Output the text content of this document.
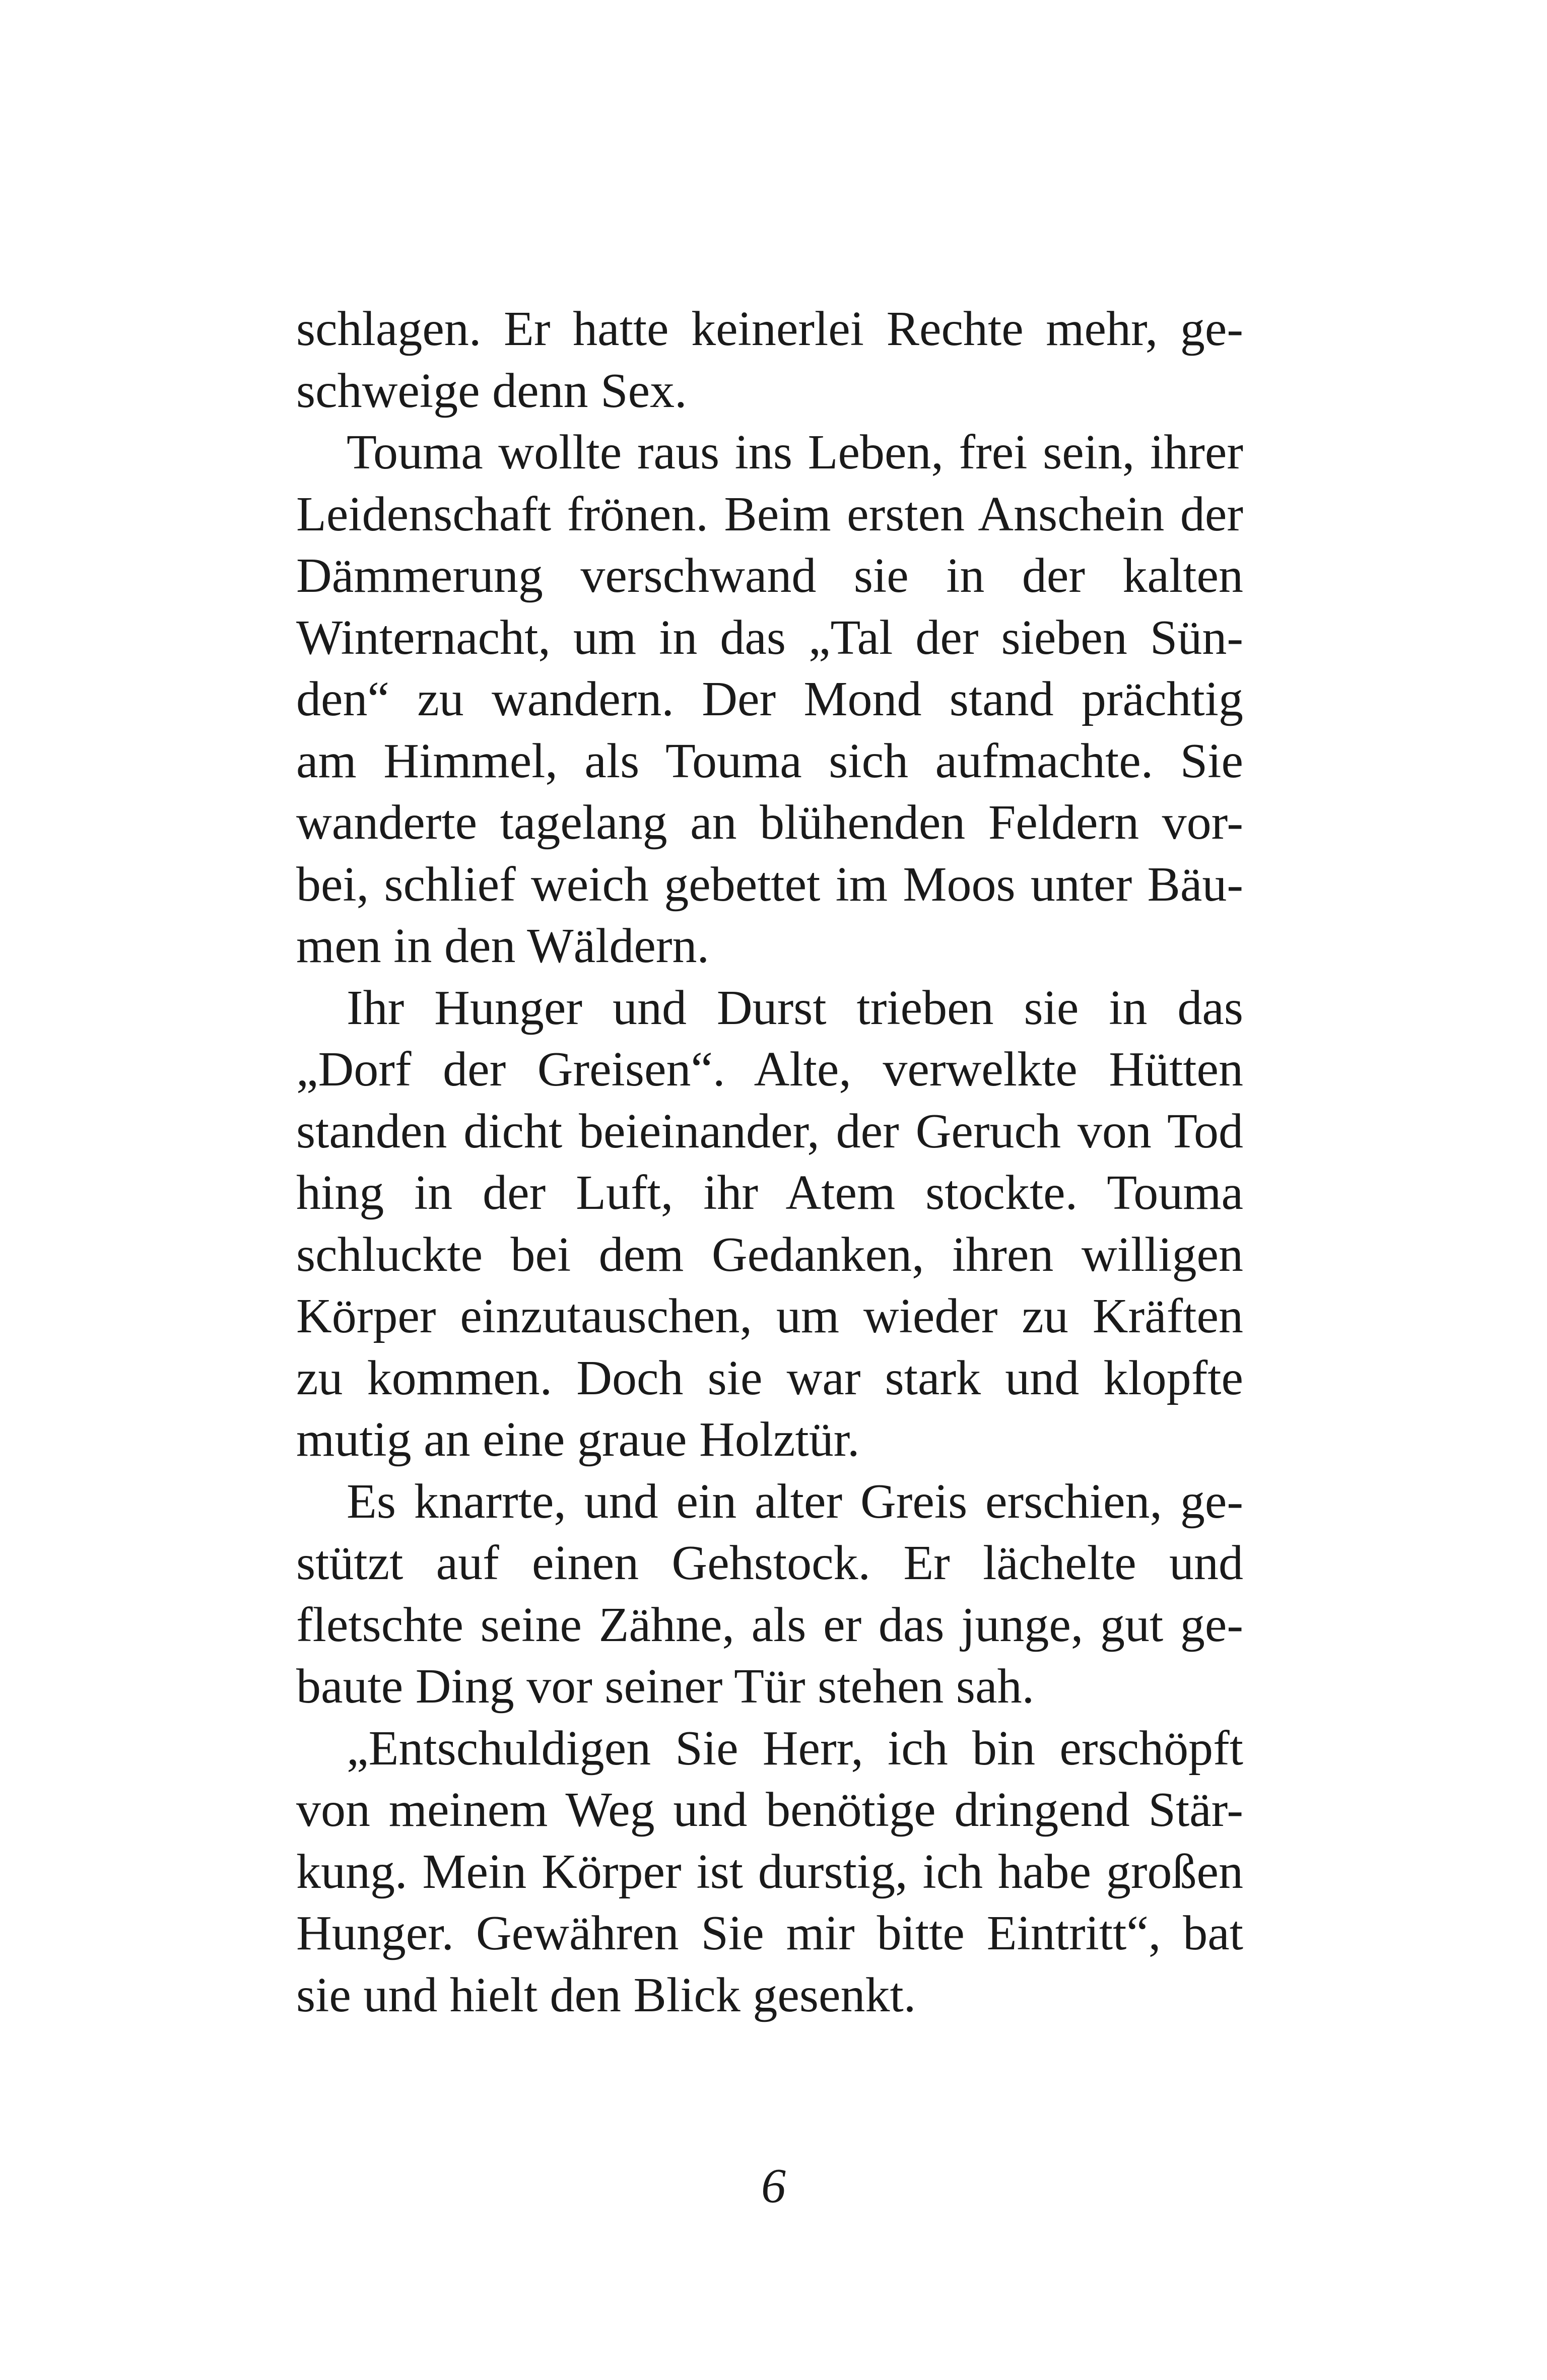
schlagen. Er hatte keinerlei Rechte mehr, ge-
schweige denn Sex.
Touma wollte raus ins Leben, frei sein, ihrer
Leidenschaft frönen. Beim ersten Anschein der
Dämmerung verschwand sie in der kalten
Winternacht, um in das „Tal der sieben Sün-
den“ zu wandern. Der Mond stand prächtig
am Himmel, als Touma sich aufmachte. Sie
wanderte tagelang an blühenden Feldern vor-
bei, schlief weich gebettet im Moos unter Bäu-
men in den Wäldern.
Ihr Hunger und Durst trieben sie in das
„Dorf der Greisen“. Alte, verwelkte Hütten
standen dicht beieinander, der Geruch von Tod
hing in der Luft, ihr Atem stockte. Touma
schluckte bei dem Gedanken, ihren willigen
Körper einzutauschen, um wieder zu Kräften
zu kommen. Doch sie war stark und klopfte
mutig an eine graue Holztür.
Es knarrte, und ein alter Greis erschien, ge-
stützt auf einen Gehstock. Er lächelte und
fletschte seine Zähne, als er das junge, gut ge-
baute Ding vor seiner Tür stehen sah.
„Entschuldigen Sie Herr, ich bin erschöpft
von meinem Weg und benötige dringend Stär-
kung. Mein Körper ist durstig, ich habe großen
Hunger. Gewähren Sie mir bitte Eintritt“, bat
sie und hielt den Blick gesenkt.
6
